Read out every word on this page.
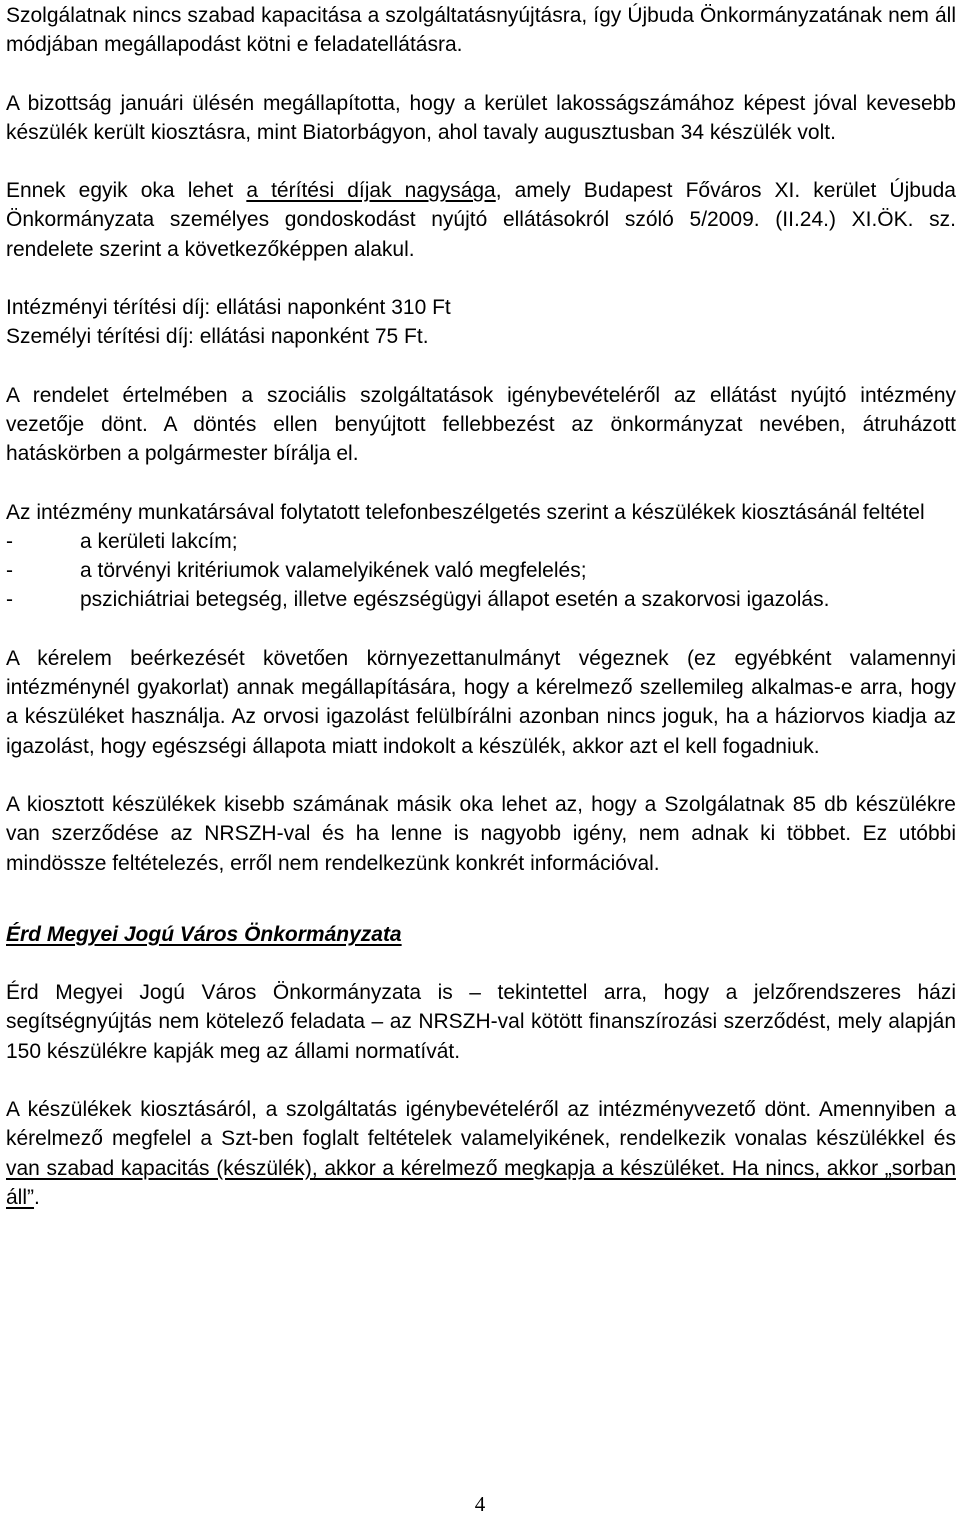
Szolgálatnak nincs szabad kapacitása a szolgáltatásnyújtásra, így Újbuda Önkormányzatának nem áll módjában megállapodást kötni e feladatellátásra.

A bizottság januári ülésén megállapította, hogy a kerület lakosságszámához képest jóval kevesebb készülék került kiosztásra, mint Biatorbágyon, ahol tavaly augusztusban 34 készülék volt.

Ennek egyik oka lehet a térítési díjak nagysága, amely Budapest Főváros XI. kerület Újbuda Önkormányzata személyes gondoskodást nyújtó ellátásokról szóló 5/2009. (II.24.) XI.ÖK. sz. rendelete szerint a következőképpen alakul.

Intézményi térítési díj: ellátási naponként 310 Ft

Személyi térítési díj: ellátási naponként 75 Ft.

A rendelet értelmében a szociális szolgáltatások igénybevételéről az ellátást nyújtó intézmény vezetője dönt. A döntés ellen benyújtott fellebbezést az önkormányzat nevében, átruházott hatáskörben a polgármester bírálja el.

Az intézmény munkatársával folytatott telefonbeszélgetés szerint a készülékek kiosztásánál feltétel

-	a kerületi lakcím;
-	a törvényi kritériumok valamelyikének való megfelelés;
-	pszichiátriai betegség, illetve egészségügyi állapot esetén a szakorvosi igazolás.

A kérelem beérkezését követően környezettanulmányt végeznek (ez egyébként valamennyi intézménynél gyakorlat) annak megállapítására, hogy a kérelmező szellemileg alkalmas-e arra, hogy a készüléket használja. Az orvosi igazolást felülbírálni azonban nincs joguk, ha a háziorvos kiadja az igazolást, hogy egészségi állapota miatt indokolt a készülék, akkor azt el kell fogadniuk.

A kiosztott készülékek kisebb számának másik oka lehet az, hogy a Szolgálatnak 85 db készülékre van szerződése az NRSZH-val és ha lenne is nagyobb igény, nem adnak ki többet. Ez utóbbi mindössze feltételezés, erről nem rendelkezünk konkrét információval.

Érd Megyei Jogú Város Önkormányzata

Érd Megyei Jogú Város Önkormányzata is – tekintettel arra, hogy a jelzőrendszeres házi segítségnyújtás nem kötelező feladata – az NRSZH-val kötött finanszírozási szerződést, mely alapján 150 készülékre kapják meg az állami normatívát.

A készülékek kiosztásáról, a szolgáltatás igénybevételéről az intézményvezető dönt. Amennyiben a kérelmező megfelel a Szt-ben foglalt feltételek valamelyikének, rendelkezik vonalas készülékkel és van szabad kapacitás (készülék), akkor a kérelmező megkapja a készüléket. Ha nincs, akkor „sorban áll”.

4
